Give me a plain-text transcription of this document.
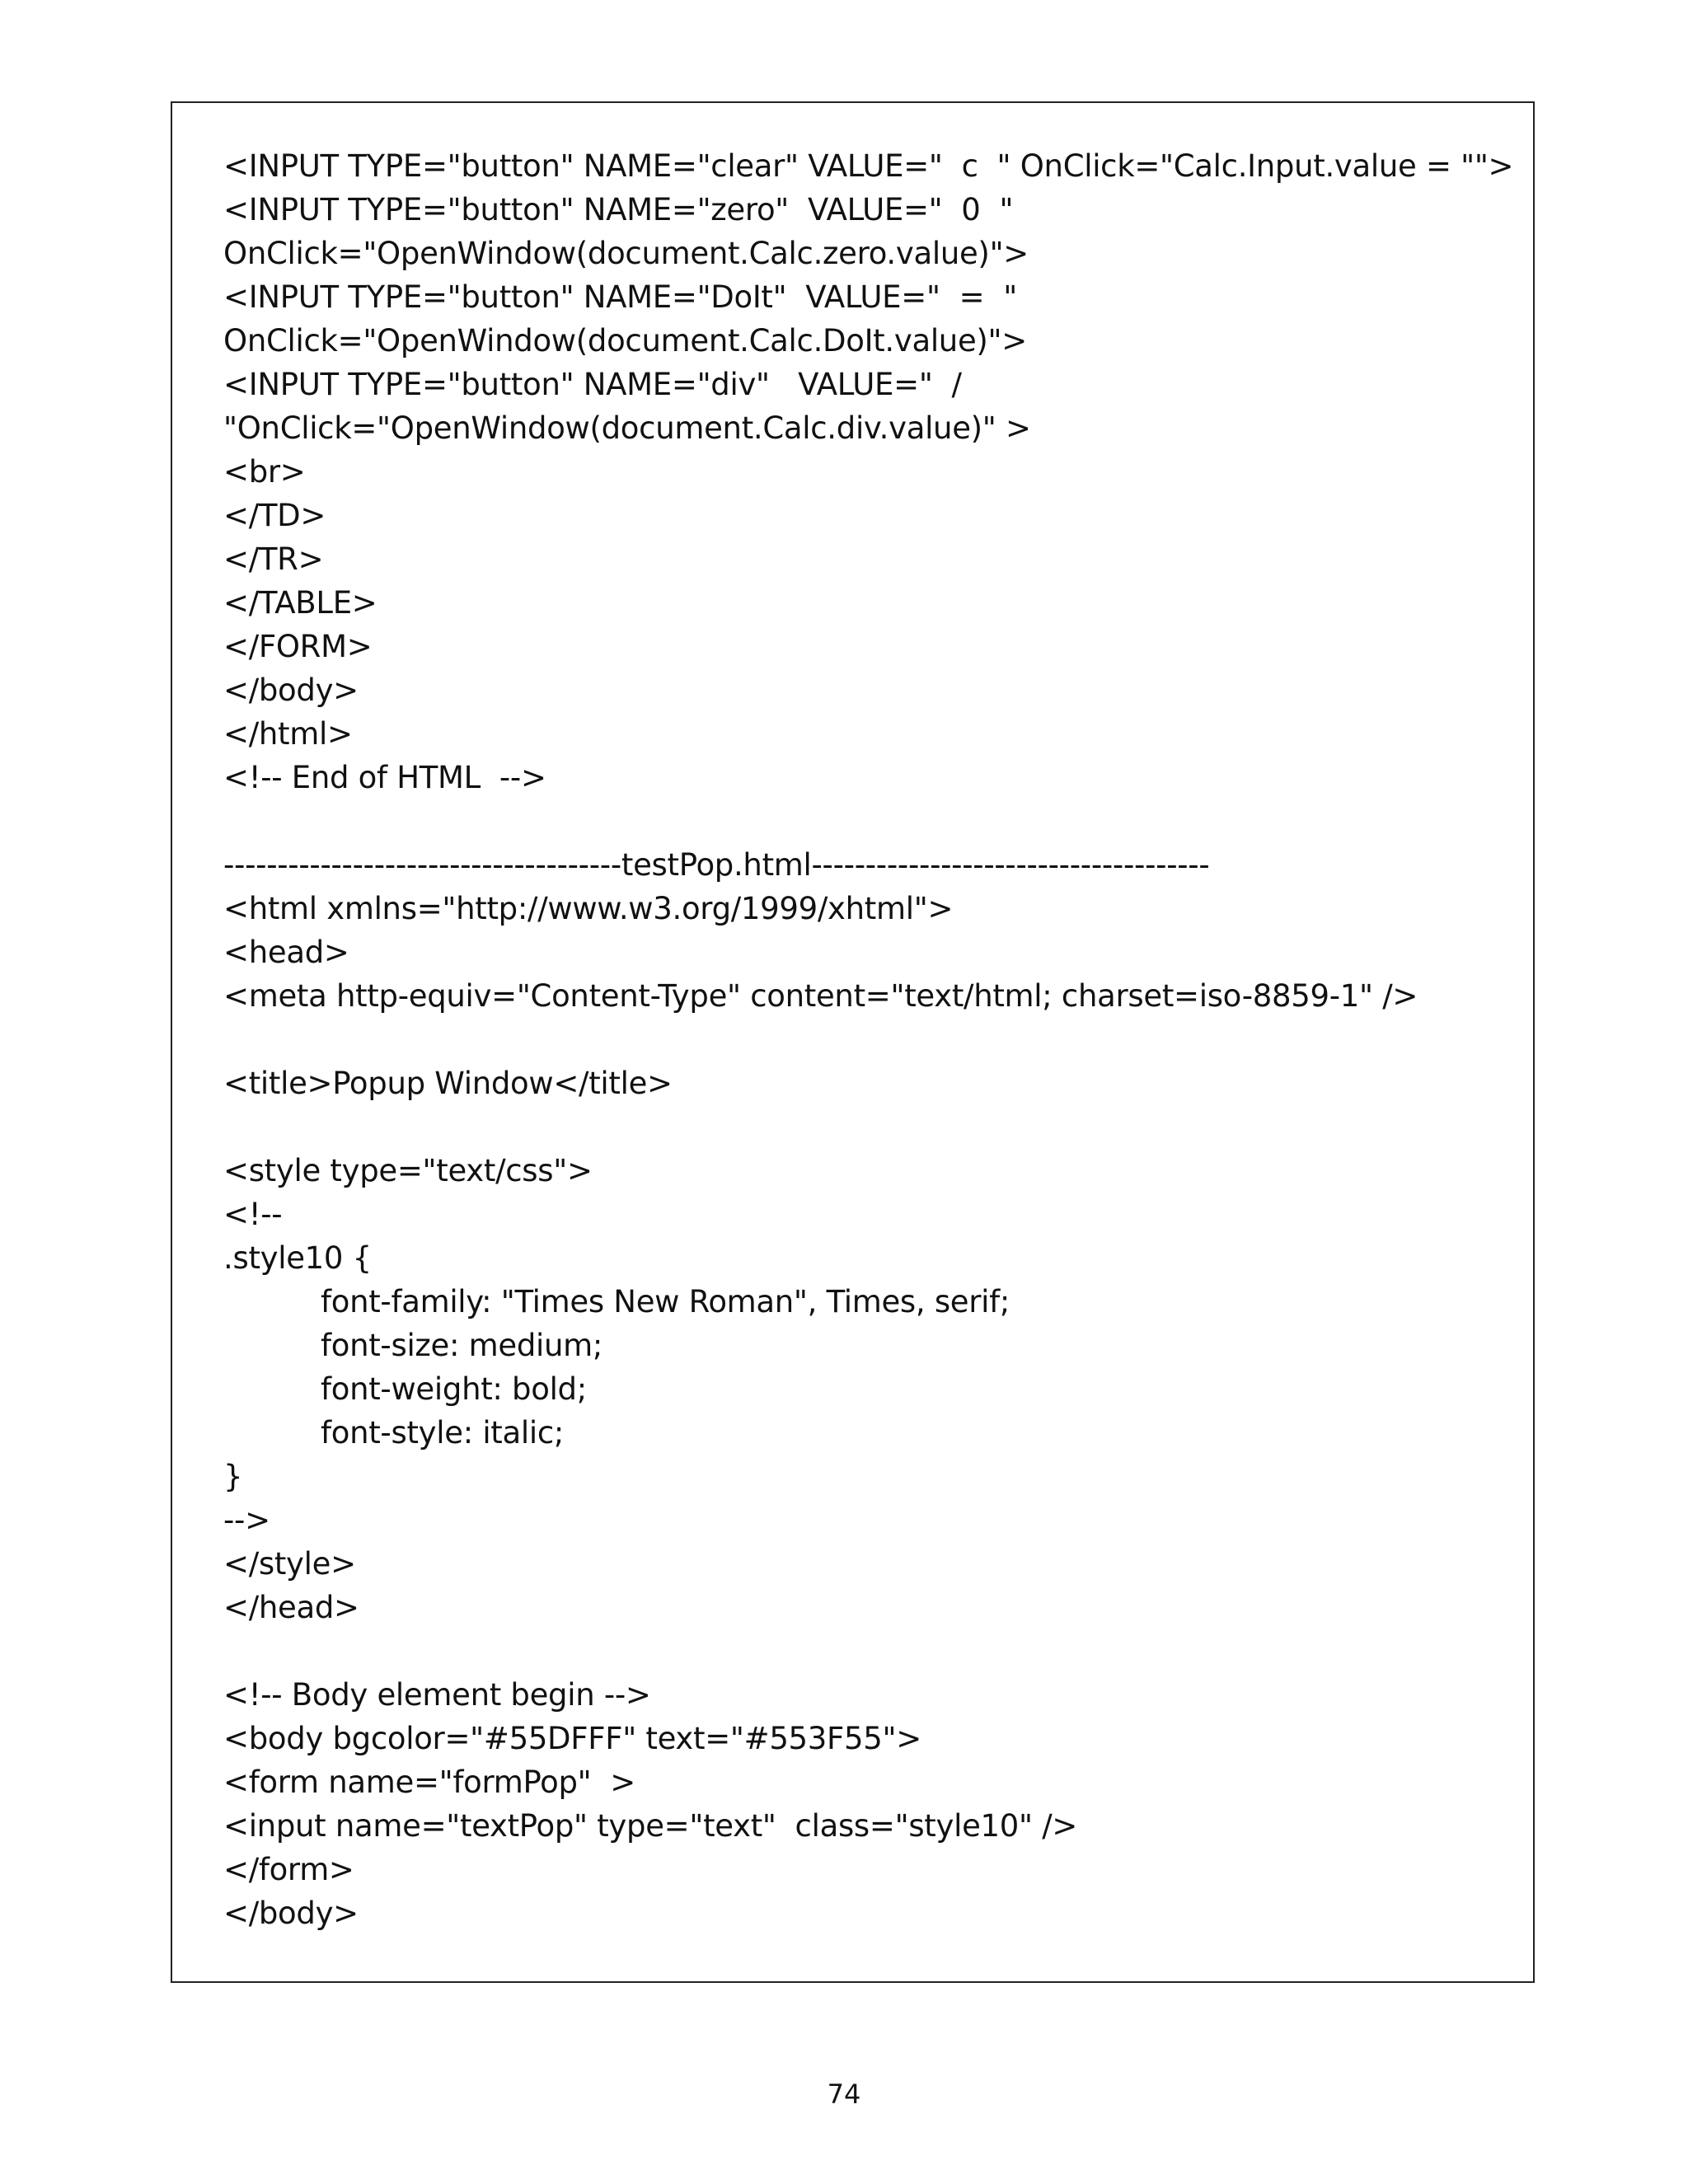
<INPUT TYPE="button" NAME="clear" VALUE="  c  " OnClick="Calc.Input.value = "">
<INPUT TYPE="button" NAME="zero"  VALUE="  0  "
OnClick="OpenWindow(document.Calc.zero.value)">
<INPUT TYPE="button" NAME="DoIt"  VALUE="  =  "
OnClick="OpenWindow(document.Calc.DoIt.value)">
<INPUT TYPE="button" NAME="div"   VALUE="  /
"OnClick="OpenWindow(document.Calc.div.value)" >
<br>
</TD>
</TR>
</TABLE>
</FORM>
</body>
</html>
<!-- End of HTML  -->
-------------------------------------testPop.html-------------------------------------
<html xmlns="http://www.w3.org/1999/xhtml">
<head>
<meta http-equiv="Content-Type" content="text/html; charset=iso-8859-1" />
<title>Popup Window</title>
<style type="text/css">
<!--
.style10 {
font-family: "Times New Roman", Times, serif;
font-size: medium;
font-weight: bold;
font-style: italic;
}
-->
</style>
</head>
<!-- Body element begin -->
<body bgcolor="#55DFFF" text="#553F55">
<form name="formPop"  >
<input name="textPop" type="text"  class="style10" />
</form>
</body>
74
